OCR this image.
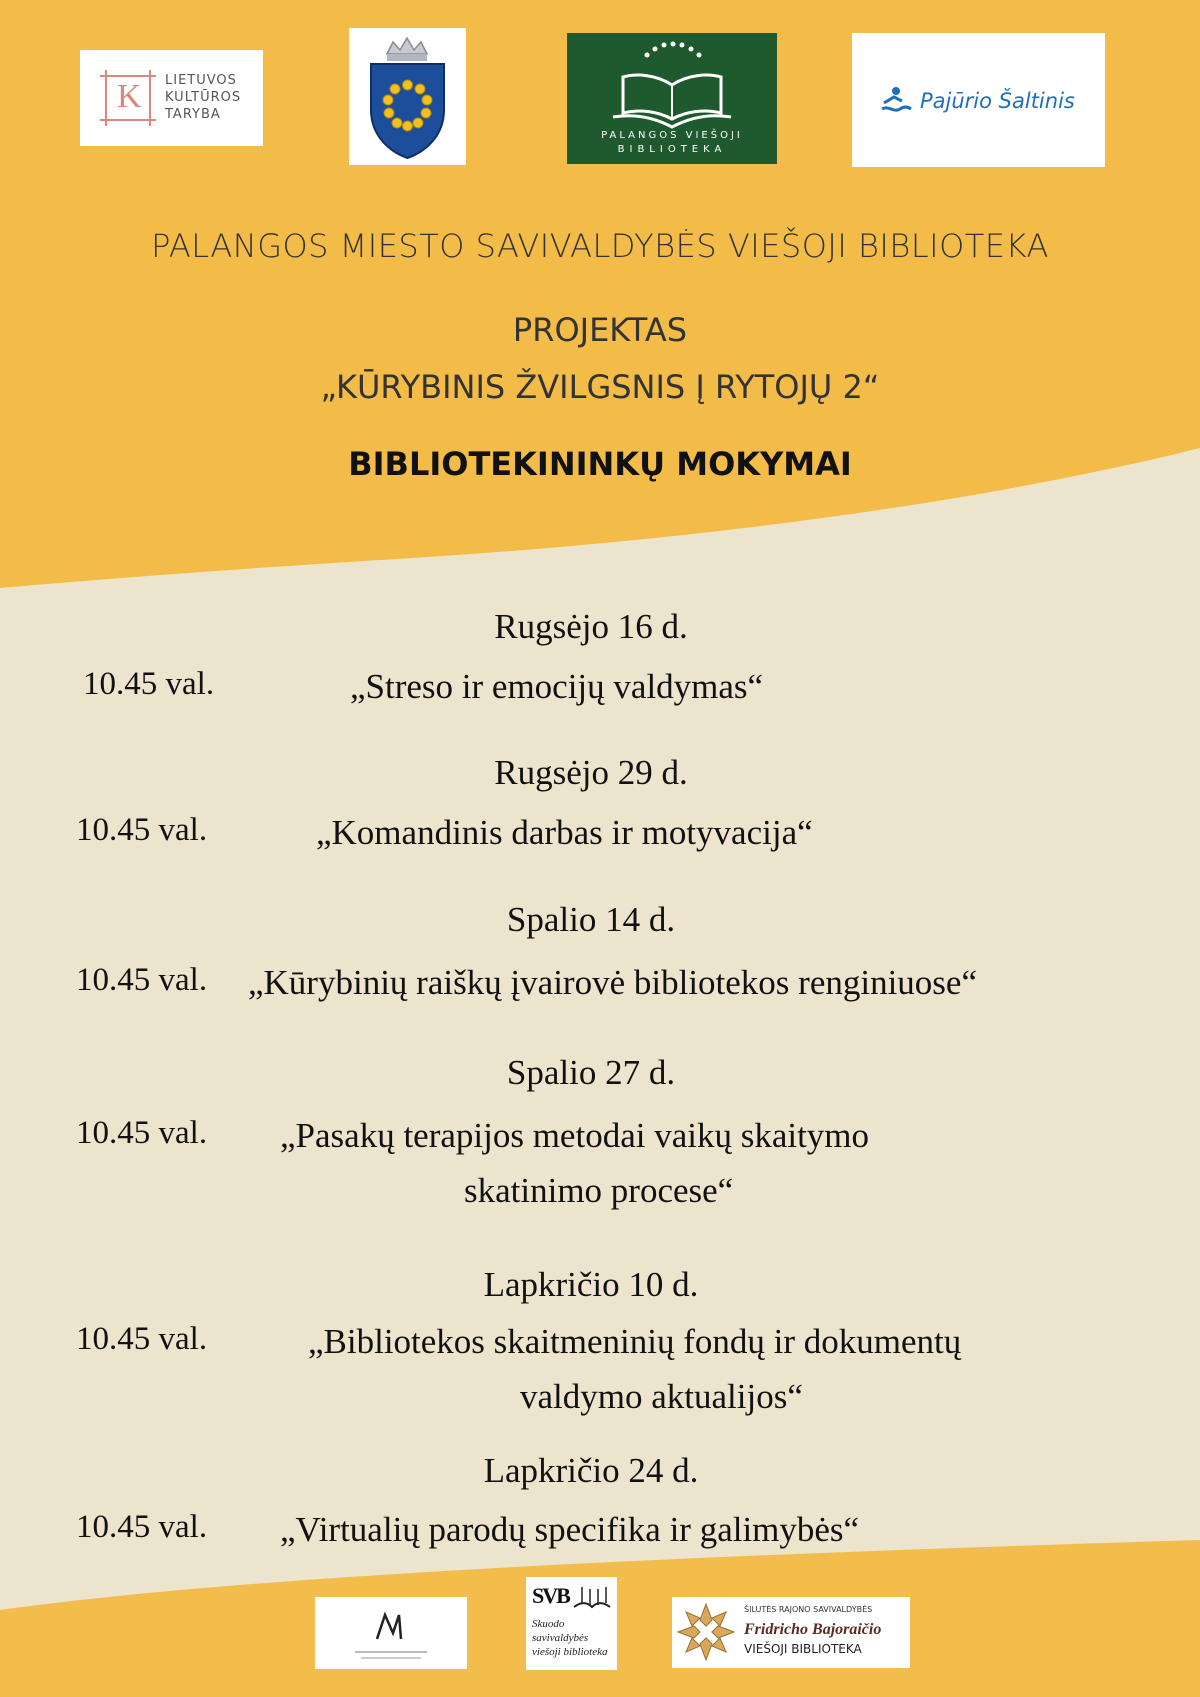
K LIETUVOS
KULTŪROS
TARYBA
PALANGOS VIEŠOJI
BIBLIOTEKA
Pajūrio Šaltinis
PALANGOS MIESTO SAVIVALDYBĖS VIEŠOJI BIBLIOTEKA
PROJEKTAS
„KŪRYBINIS ŽVILGSNIS Į RYTOJŲ 2“
BIBLIOTEKININKŲ MOKYMAI
Rugsėjo 16 d.
10.45 val.	„Streso ir emocijų valdymas“
Rugsėjo 29 d.
10.45 val.	„Komandinis darbas ir motyvacija“
Spalio 14 d.
10.45 val. „Kūrybinių raiškų įvairovė bibliotekos renginiuose“
Spalio 27 d.
10.45 val. „Pasakų terapijos metodai vaikų skaitymo
skatinimo procese“
Lapkričio 10 d.
10.45 val.	„Bibliotekos skaitmeninių fondų ir dokumentų
valdymo aktualijos“
Lapkričio 24 d.
10.45 val. „Virtualių parodų specifika ir galimybės“
SVB
Skuodo
savivaldybės
viešoji biblioteka
ŠILUTĖS RAJONO SAVIVALDYBĖS
Fridricho Bajoraičio
VIEŠOJI BIBLIOTEKA
